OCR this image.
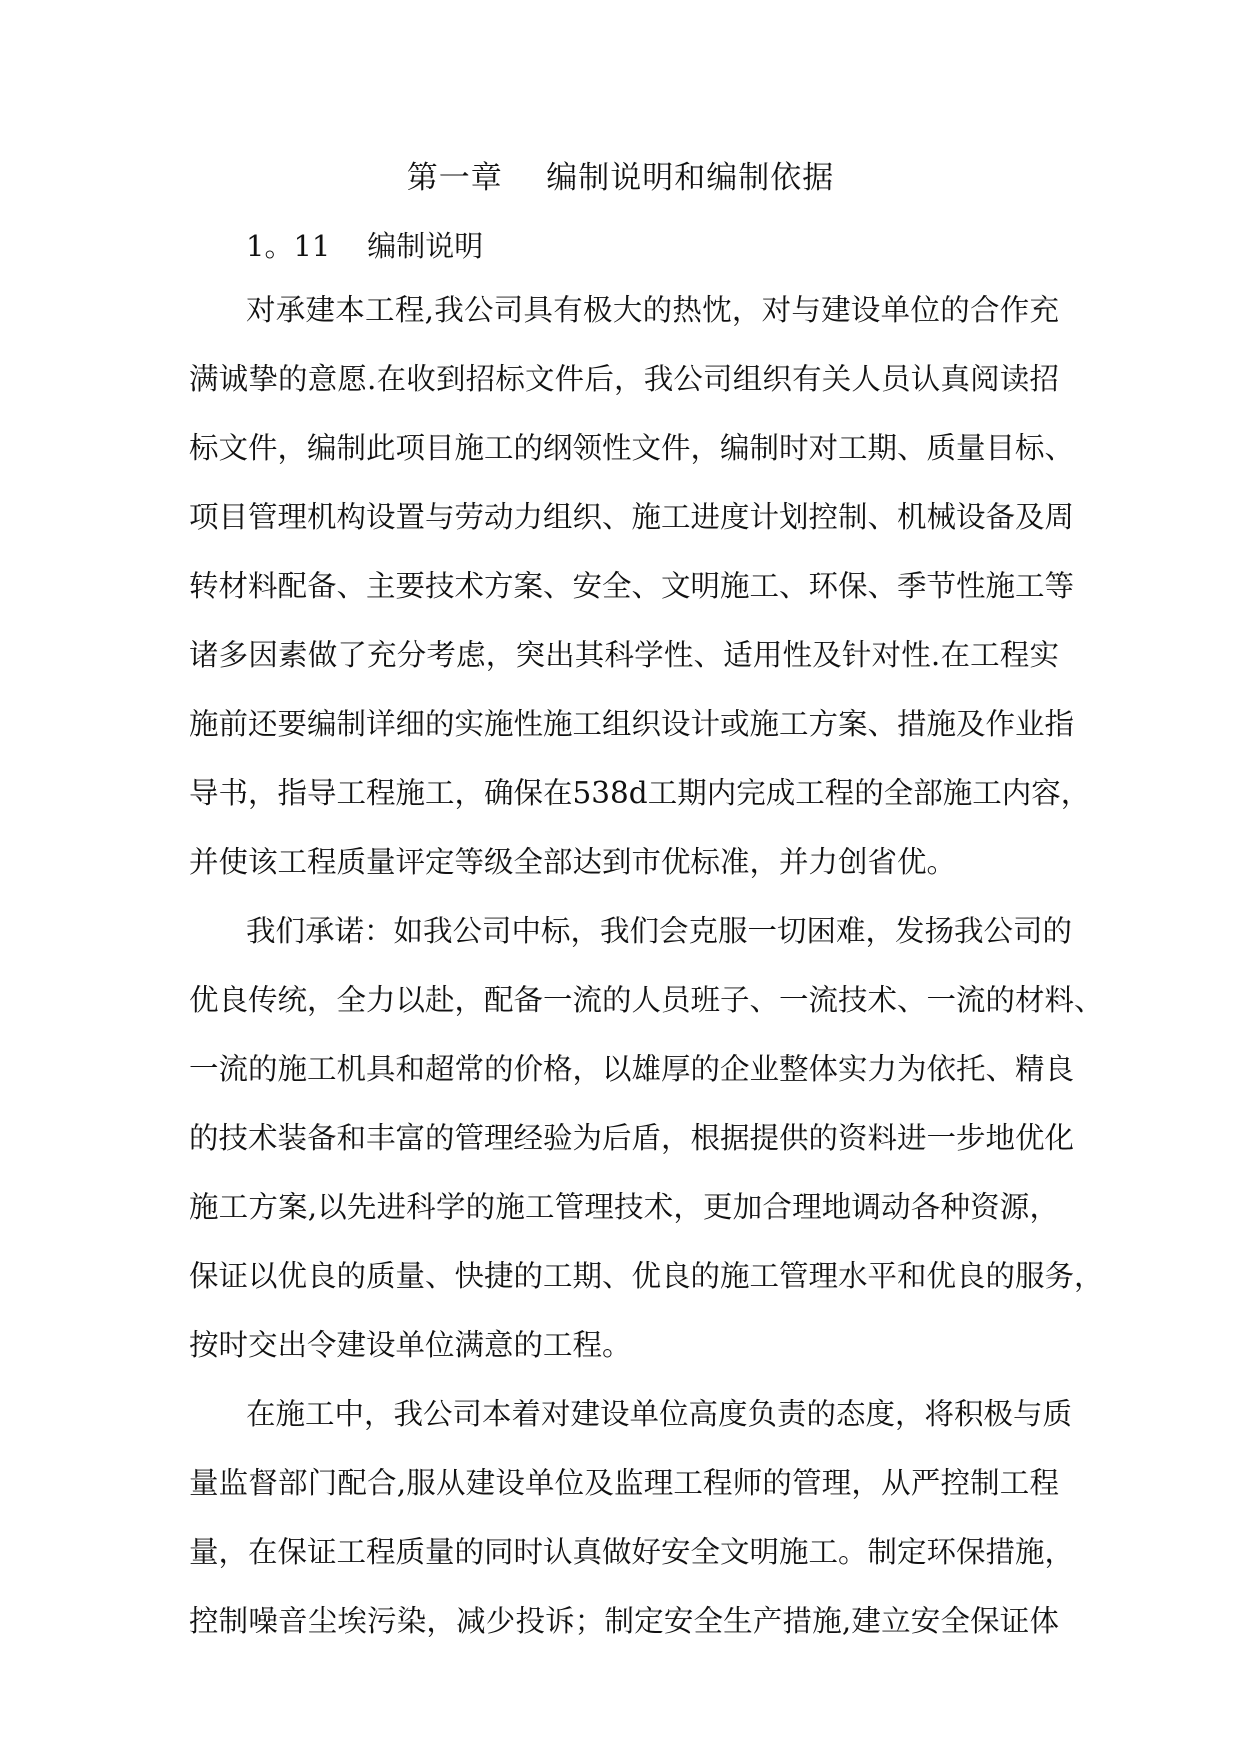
第一章    编制说明和编制依据
1。11    编制说明
对承建本工程,我公司具有极大的热忱，对与建设单位的合作充
满诚挚的意愿.在收到招标文件后，我公司组织有关人员认真阅读招
标文件，编制此项目施工的纲领性文件，编制时对工期、质量目标、
项目管理机构设置与劳动力组织、施工进度计划控制、机械设备及周
转材料配备、主要技术方案、安全、文明施工、环保、季节性施工等
诸多因素做了充分考虑，突出其科学性、适用性及针对性.在工程实
施前还要编制详细的实施性施工组织设计或施工方案、措施及作业指
导书，指导工程施工，确保在538d工期内完成工程的全部施工内容，
并使该工程质量评定等级全部达到市优标准，并力创省优。
我们承诺：如我公司中标，我们会克服一切困难，发扬我公司的
优良传统，全力以赴，配备一流的人员班子、一流技术、一流的材料、
一流的施工机具和超常的价格，以雄厚的企业整体实力为依托、精良
的技术装备和丰富的管理经验为后盾，根据提供的资料进一步地优化
施工方案,以先进科学的施工管理技术，更加合理地调动各种资源，
保证以优良的质量、快捷的工期、优良的施工管理水平和优良的服务，
按时交出令建设单位满意的工程。
在施工中，我公司本着对建设单位高度负责的态度，将积极与质
量监督部门配合,服从建设单位及监理工程师的管理，从严控制工程
量，在保证工程质量的同时认真做好安全文明施工。制定环保措施，
控制噪音尘埃污染，减少投诉；制定安全生产措施,建立安全保证体
